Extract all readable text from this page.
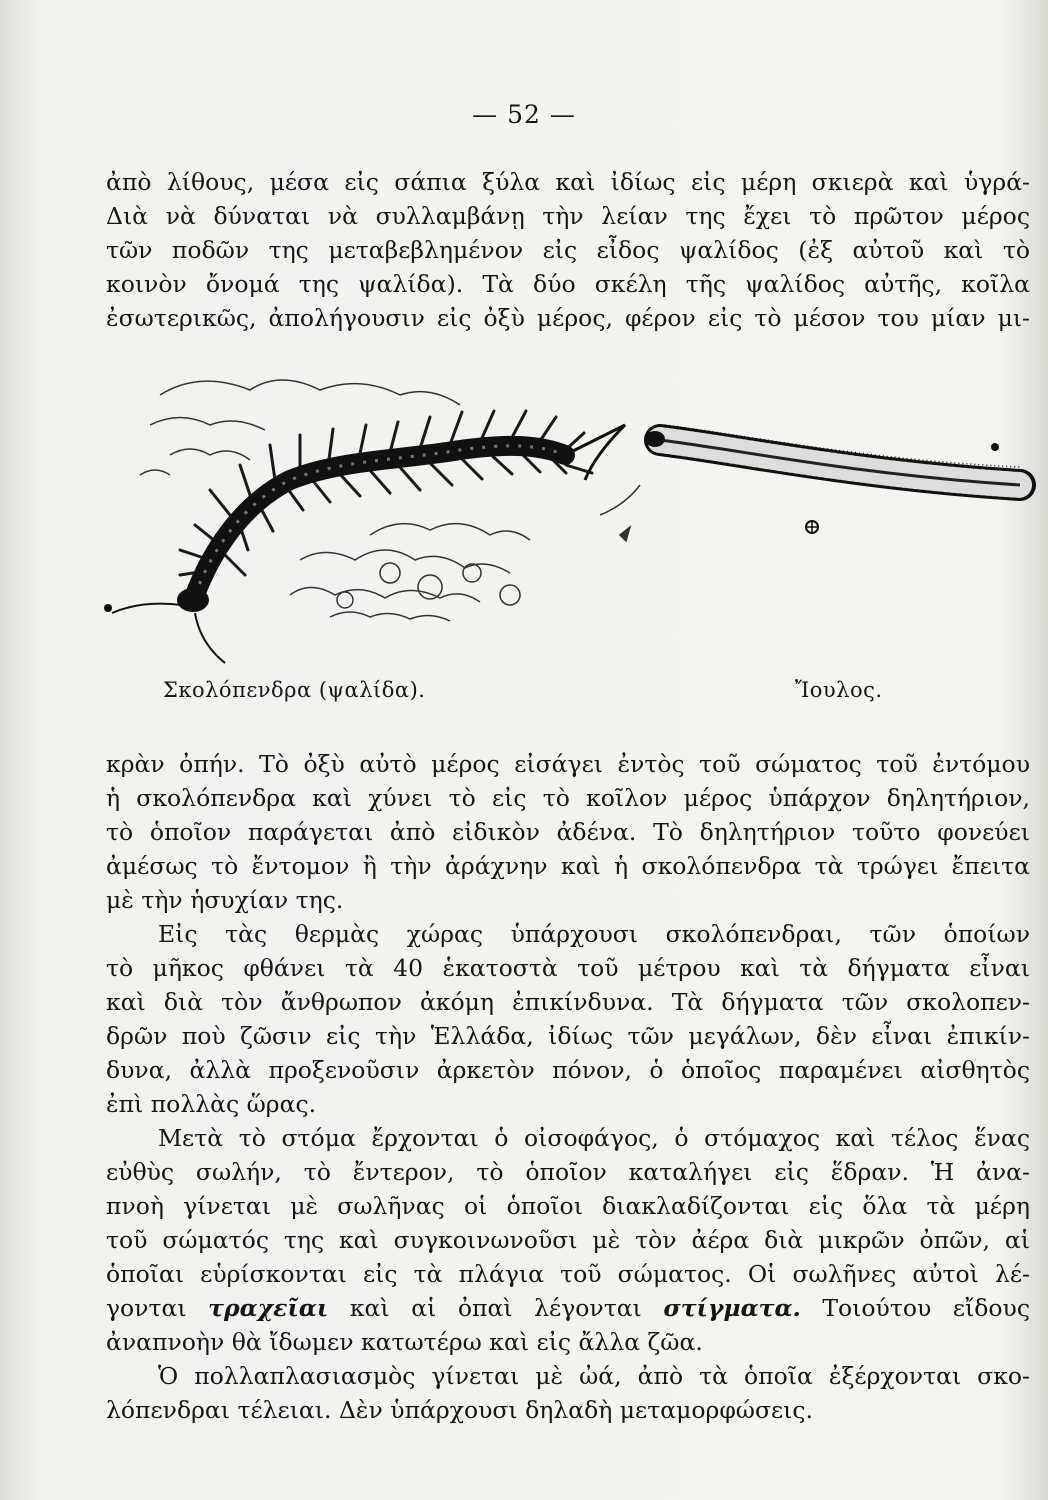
— 52 —
ἀπὸ λίθους, μέσα εἰς σάπια ξύλα καὶ ἰδίως εἰς μέρη σκιερὰ καὶ ὑγρά-
Διὰ νὰ δύναται νὰ συλλαμβάνῃ τὴν λείαν της ἔχει τὸ πρῶτον μέρος
τῶν ποδῶν της μεταβεβλημένον εἰς εἶδος ψαλίδος (ἐξ αὐτοῦ καὶ τὸ
κοινὸν ὄνομά της ψαλίδα). Τὰ δύο σκέλη τῆς ψαλίδος αὐτῆς, κοῖλα
ἐσωτερικῶς, ἀπολήγουσιν εἰς ὀξὺ μέρος, φέρον εἰς τὸ μέσον του μίαν μι-
Σκολόπενδρα (ψαλίδα).	Ἴουλος.
κρὰν ὀπήν. Τὸ ὀξὺ αὐτὸ μέρος εἰσάγει ἐντὸς τοῦ σώματος τοῦ ἐντόμου
ἡ σκολόπενδρα καὶ χύνει τὸ εἰς τὸ κοῖλον μέρος ὑπάρχον δηλητήριον,
τὸ ὁποῖον παράγεται ἀπὸ εἰδικὸν ἀδένα. Τὸ δηλητήριον τοῦτο φονεύει
ἀμέσως τὸ ἔντομον ἢ τὴν ἀράχνην καὶ ἡ σκολόπενδρα τὰ τρώγει ἔπειτα
μὲ τὴν ἡσυχίαν της.
Εἰς τὰς θερμὰς χώρας ὑπάρχουσι σκολόπενδραι, τῶν ὁποίων
τὸ μῆκος φθάνει τὰ 40 ἑκατοστὰ τοῦ μέτρου καὶ τὰ δήγματα εἶναι
καὶ διὰ τὸν ἄνθρωπον ἀκόμη ἐπικίνδυνα. Τὰ δήγματα τῶν σκολοπεν-
δρῶν ποὺ ζῶσιν εἰς τὴν Ἑλλάδα, ἰδίως τῶν μεγάλων, δὲν εἶναι ἐπικίν-
δυνα, ἀλλὰ προξενοῦσιν ἀρκετὸν πόνον, ὁ ὁποῖος παραμένει αἰσθητὸς
ἐπὶ πολλὰς ὥρας.
Μετὰ τὸ στόμα ἔρχονται ὁ οἰσοφάγος, ὁ στόμαχος καὶ τέλος ἕνας
εὐθὺς σωλήν, τὸ ἔντερον, τὸ ὁποῖον καταλήγει εἰς ἕδραν. Ἡ ἀνα-
πνοὴ γίνεται μὲ σωλῆνας οἱ ὁποῖοι διακλαδίζονται εἰς ὅλα τὰ μέρη
τοῦ σώματός της καὶ συγκοινωνοῦσι μὲ τὸν ἀέρα διὰ μικρῶν ὀπῶν, αἱ
ὁποῖαι εὑρίσκονται εἰς τὰ πλάγια τοῦ σώματος. Οἱ σωλῆνες αὐτοὶ λέ-
γονται τραχεῖαι καὶ αἱ ὀπαὶ λέγονται στίγματα. Τοιούτου εἴδους
ἀναπνοὴν θὰ ἴδωμεν κατωτέρω καὶ εἰς ἄλλα ζῶα.
Ὁ πολλαπλασιασμὸς γίνεται μὲ ὠά, ἀπὸ τὰ ὁποῖα ἐξέρχονται σκο-
λόπενδραι τέλειαι. Δὲν ὑπάρχουσι δηλαδὴ μεταμορφώσεις.
